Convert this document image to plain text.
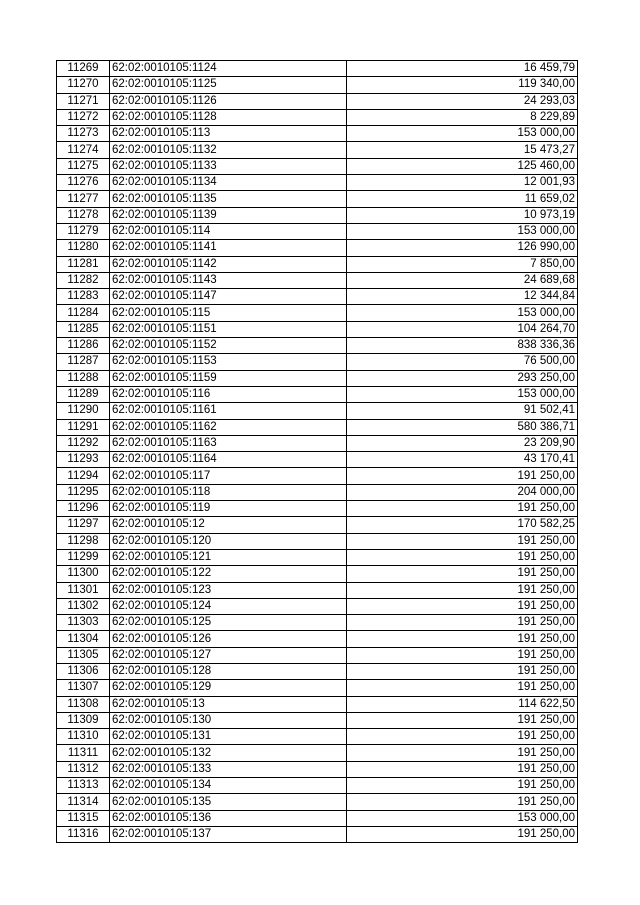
11269	62:02:0010105:1124	16 459,79
11270	62:02:0010105:1125	119 340,00
11271	62:02:0010105:1126	24 293,03
11272	62:02:0010105:1128	8 229,89
11273	62:02:0010105:113	153 000,00
11274	62:02:0010105:1132	15 473,27
11275	62:02:0010105:1133	125 460,00
11276	62:02:0010105:1134	12 001,93
11277	62:02:0010105:1135	11 659,02
11278	62:02:0010105:1139	10 973,19
11279	62:02:0010105:114	153 000,00
11280	62:02:0010105:1141	126 990,00
11281	62:02:0010105:1142	7 850,00
11282	62:02:0010105:1143	24 689,68
11283	62:02:0010105:1147	12 344,84
11284	62:02:0010105:115	153 000,00
11285	62:02:0010105:1151	104 264,70
11286	62:02:0010105:1152	838 336,36
11287	62:02:0010105:1153	76 500,00
11288	62:02:0010105:1159	293 250,00
11289	62:02:0010105:116	153 000,00
11290	62:02:0010105:1161	91 502,41
11291	62:02:0010105:1162	580 386,71
11292	62:02:0010105:1163	23 209,90
11293	62:02:0010105:1164	43 170,41
11294	62:02:0010105:117	191 250,00
11295	62:02:0010105:118	204 000,00
11296	62:02:0010105:119	191 250,00
11297	62:02:0010105:12	170 582,25
11298	62:02:0010105:120	191 250,00
11299	62:02:0010105:121	191 250,00
11300	62:02:0010105:122	191 250,00
11301	62:02:0010105:123	191 250,00
11302	62:02:0010105:124	191 250,00
11303	62:02:0010105:125	191 250,00
11304	62:02:0010105:126	191 250,00
11305	62:02:0010105:127	191 250,00
11306	62:02:0010105:128	191 250,00
11307	62:02:0010105:129	191 250,00
11308	62:02:0010105:13	114 622,50
11309	62:02:0010105:130	191 250,00
11310	62:02:0010105:131	191 250,00
11311	62:02:0010105:132	191 250,00
11312	62:02:0010105:133	191 250,00
11313	62:02:0010105:134	191 250,00
11314	62:02:0010105:135	191 250,00
11315	62:02:0010105:136	153 000,00
11316	62:02:0010105:137	191 250,00
